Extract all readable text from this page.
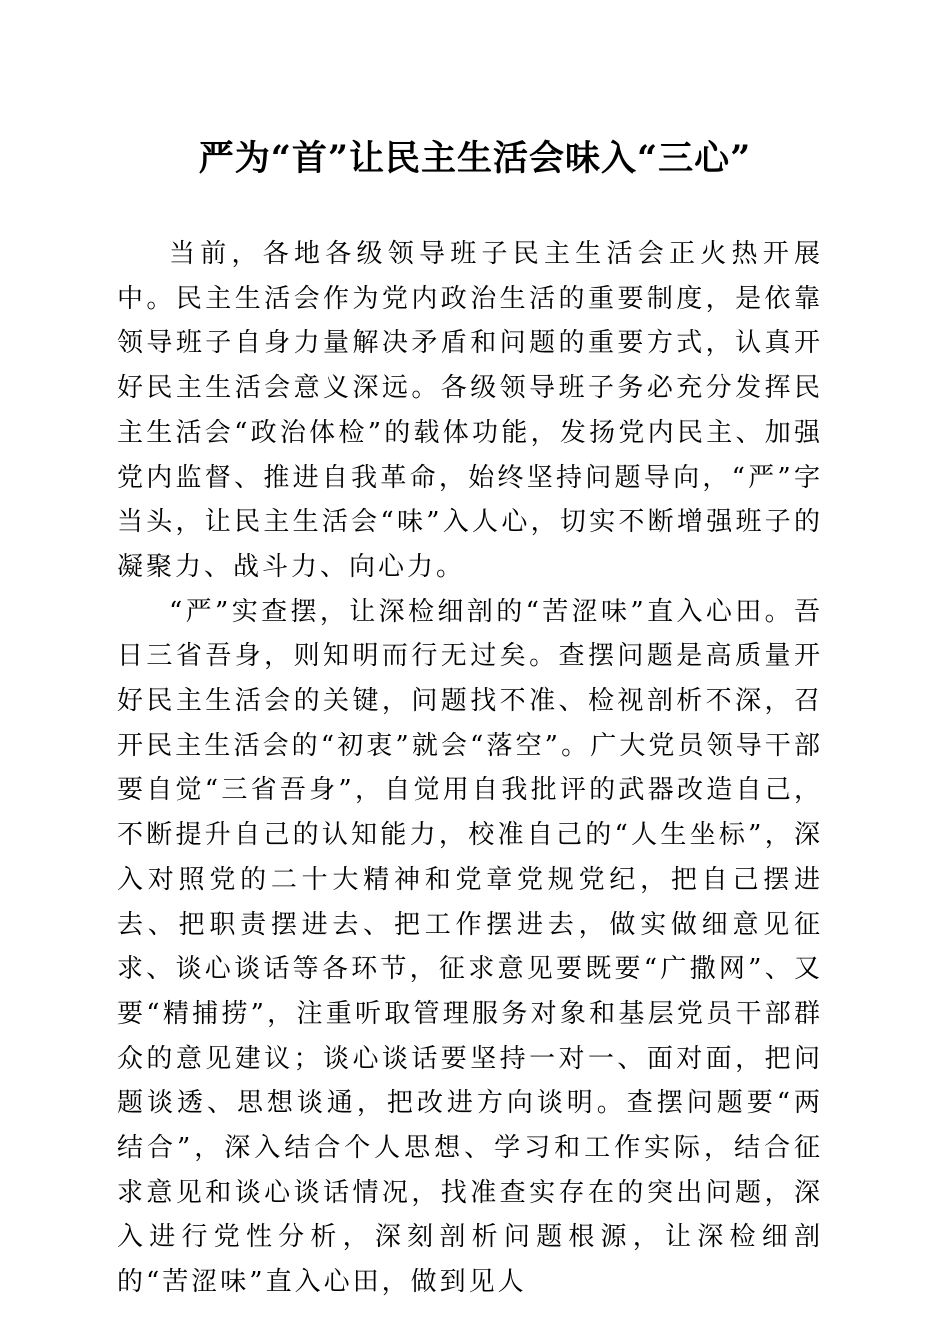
严为“首”让民主生活会味入“三心”

当前，各地各级领导班子民主生活会正火热开展中。民主生活会作为党内政治生活的重要制度，是依靠领导班子自身力量解决矛盾和问题的重要方式，认真开好民主生活会意义深远。各级领导班子务必充分发挥民主生活会“政治体检”的载体功能，发扬党内民主、加强党内监督、推进自我革命，始终坚持问题导向，“严”字当头，让民主生活会“味”入人心，切实不断增强班子的凝聚力、战斗力、向心力。

“严”实查摆，让深检细剖的“苦涩味”直入心田。吾日三省吾身，则知明而行无过矣。查摆问题是高质量开好民主生活会的关键，问题找不准、检视剖析不深，召开民主生活会的“初衷”就会“落空”。广大党员领导干部要自觉“三省吾身”，自觉用自我批评的武器改造自己，不断提升自己的认知能力，校准自己的“人生坐标”，深入对照党的二十大精神和党章党规党纪，把自己摆进去、把职责摆进去、把工作摆进去，做实做细意见征求、谈心谈话等各环节，征求意见要既要“广撒网”、又要“精捕捞”，注重听取管理服务对象和基层党员干部群众的意见建议；谈心谈话要坚持一对一、面对面，把问题谈透、思想谈通，把改进方向谈明。查摆问题要“两结合”，深入结合个人思想、学习和工作实际，结合征求意见和谈心谈话情况，找准查实存在的突出问题，深入进行党性分析，深刻剖析问题根源，让深检细剖的“苦涩味”直入心田，做到见人
